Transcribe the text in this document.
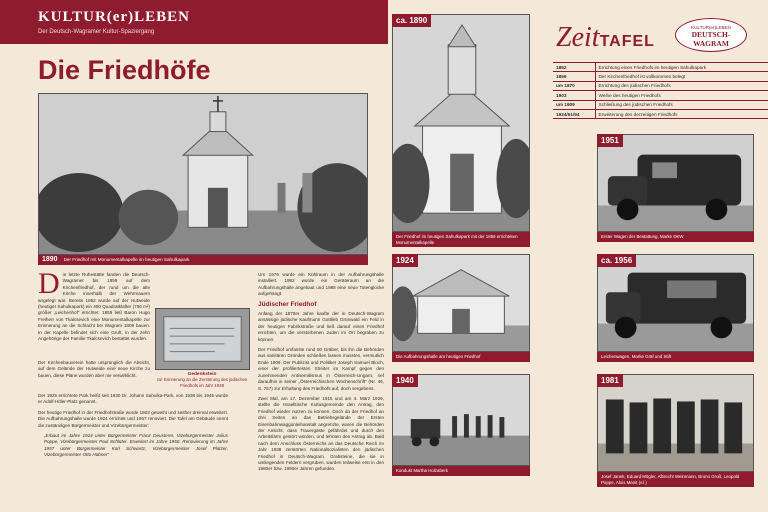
KULTUR(er)LEBEN
Der Deutsch-Wagramer Kultur-Spaziergang
Die Friedhöfe
1890 Der Friedhof mit Monumentalkapelle im heutigen Sahulkapark

Die letzte Ruhestätte fanden die Deutsch-Wagramer bis 1859 auf dem Kirchenfriedhof, der rund um die alte Kirche innerhalb der Wehrmauern angelegt war. Bereits 1852 wurde auf der Hutweide (heutiger Sahulkapark) ein 400 Quadratklafter (756 m²) großer „Leichenhof“ errichtet. 1859 ließ Baron Hugo Freiherr von Tkalcsevich eine Monumentalkapelle zur Erinnerung an die Schlacht bei Wagram 1809 bauen. In der Kapelle befindet sich eine Gruft, in der zehn Angehörige der Familie Tkalcsevich bestattet wurden.

Der Kirchenbauverein hatte ursprünglich die Absicht, auf dem Gelände der Hutweide eine neue Kirche zu bauen, diese Pläne wurden aber nie verwirklicht.

Der 1925 errichtete Park heißt seit 1930 Dr. Johann Sahulka-Park, von 1938 bis 1945 wurde er Adolf-Hitler-Platz genannt.

Der heutige Friedhof in der Friedhofstraße wurde 1903 geweiht und seither dreimal erweitert. Die Aufbahrungshalle wurde 1924 errichtet und 1957 renoviert. Die Tafel am Gebäude nennt die zuständigen Bürgermeister und Vizebürgermeister:

„Erbaut im Jahre 1924 unter Bürgermeister Franz Deusterer, Vizebürgermeister Julius Poppe, Vizebürgermeister Paul Schlüter. Erweitert im Jahre 1950. Renovierung im Jahre 1957 unter Bürgermeister Karl Schwartz, Vizebürgermeister Josef Platzer, Vizebürgermeister Otto Hübner“

Gedenkstein
zur Erinnerung an die Zerstörung des jüdischen Friedhofs im Jahr 1938

Um 1976 wurde ein Kühlraum in der Aufbahrungshalle installiert. 1982 wurde ein Geräteraum an die Aufbahrungshalle angebaut und 1988 eine neue Totenglocke aufgehängt.

Jüdischer Friedhof

Anfang der 1870er Jahre kaufte der in Deutsch-Wagram ansässige jüdische Kaufmann Gottlieb Grünwald ein Feld in der heutigen Fabrikstraße und ließ darauf einen Friedhof errichten, um die verstorbenen Juden im Ort begraben zu können.

Der Friedhof umfasste rund 80 Gräber, bis ihn die Behörden aus sanitären Gründen schließen lassen mussten, vermutlich Ende 1909. Der Publizist und Politiker Joseph Samuel Bloch, einer der profiliertesten Streiter im Kampf gegen den zunehmenden Antisemitismus in Österreich-Ungarn, rief daraufhin in seiner „Österreichischen Wochenschrift“ (Nr. 46, S. 757) zur Erhaltung des Friedhofs auf, doch vergebens.

Zwei Mal, am 17. Dezember 1915 und am 4. März 1929, stellte die Israelitische Kultusgemeinde den Antrag, den Friedhof wieder nutzen zu können. Doch da der Friedhof an drei Seiten an das Betriebsgelände der Ersten Eisenbahnwaggonleihanstalt angrenzte, waren die Behörden der Ansicht, dass Trauergäste gefährdet und durch den Arbeitslärm gestört würden, und lehnten den Antrag ab. Bald nach dem Anschluss Österreichs an das Deutsche Reich im Jahr 1938 zerstörten Nationalsozialisten den jüdischen Friedhof in Deutsch-Wagram. Grabsteine, die sie in umliegenden Feldern vergruben, wurden teilweise erst in den 1980er bzw. 1990er Jahren gefunden.

ca. 1890
Der Friedhof im heutigen Sahulkapark mit der 1859 errichteten Monumentalkapelle
1924
Die Aufbahrungshalle am heutigen Friedhof
1940
Kondukt Martha Holzaberk
ZeitTAFEL
KULTUR(er)LEBEN
DEUTSCH-WAGRAM
1852	Errichtung eines Friedhofs im heutigen Sahulkapark
1859	Der Kirchenfriedhof ist vollkommen belegt
um 1870	Errichtung des jüdischen Friedhofs
1903	Weihe des heutigen Friedhofs
um 1909	Schließung des jüdischen Friedhofs
1924/61/94	Erweiterung des derzeitigen Friedhofs
1951
Erster Wagen der Bestattung, Marke DKW
ca. 1956
Leichenwagen, Marke Gräf und Stift
1981
Josef Janek, Eduard Mögler, Albrecht Weinmann, Bruno Groß, Leopold Poppe, Alois Manit (v.l.)
